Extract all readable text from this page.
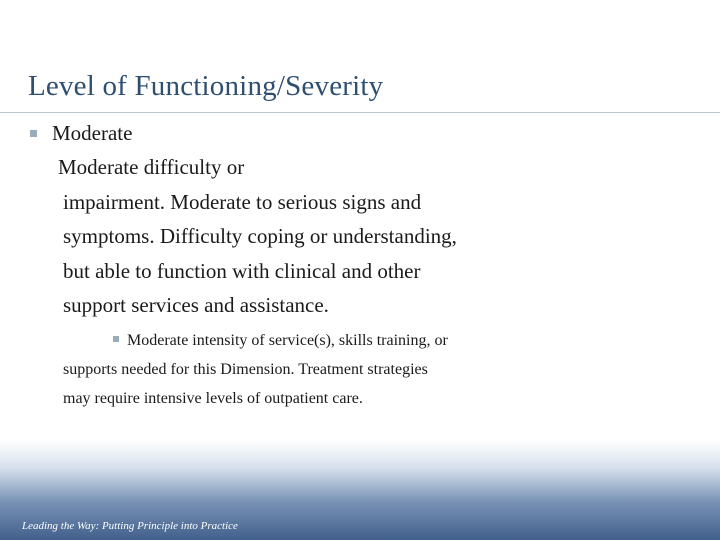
Level of Functioning/Severity
Moderate
Moderate difficulty or
impairment. Moderate to serious signs and
symptoms. Difficulty coping or understanding,
but able to function with clinical and other
support services and assistance.
Moderate intensity of service(s), skills training, or
supports needed for this Dimension. Treatment strategies
may require intensive levels of outpatient care.
Leading the Way: Putting Principle into Practice
